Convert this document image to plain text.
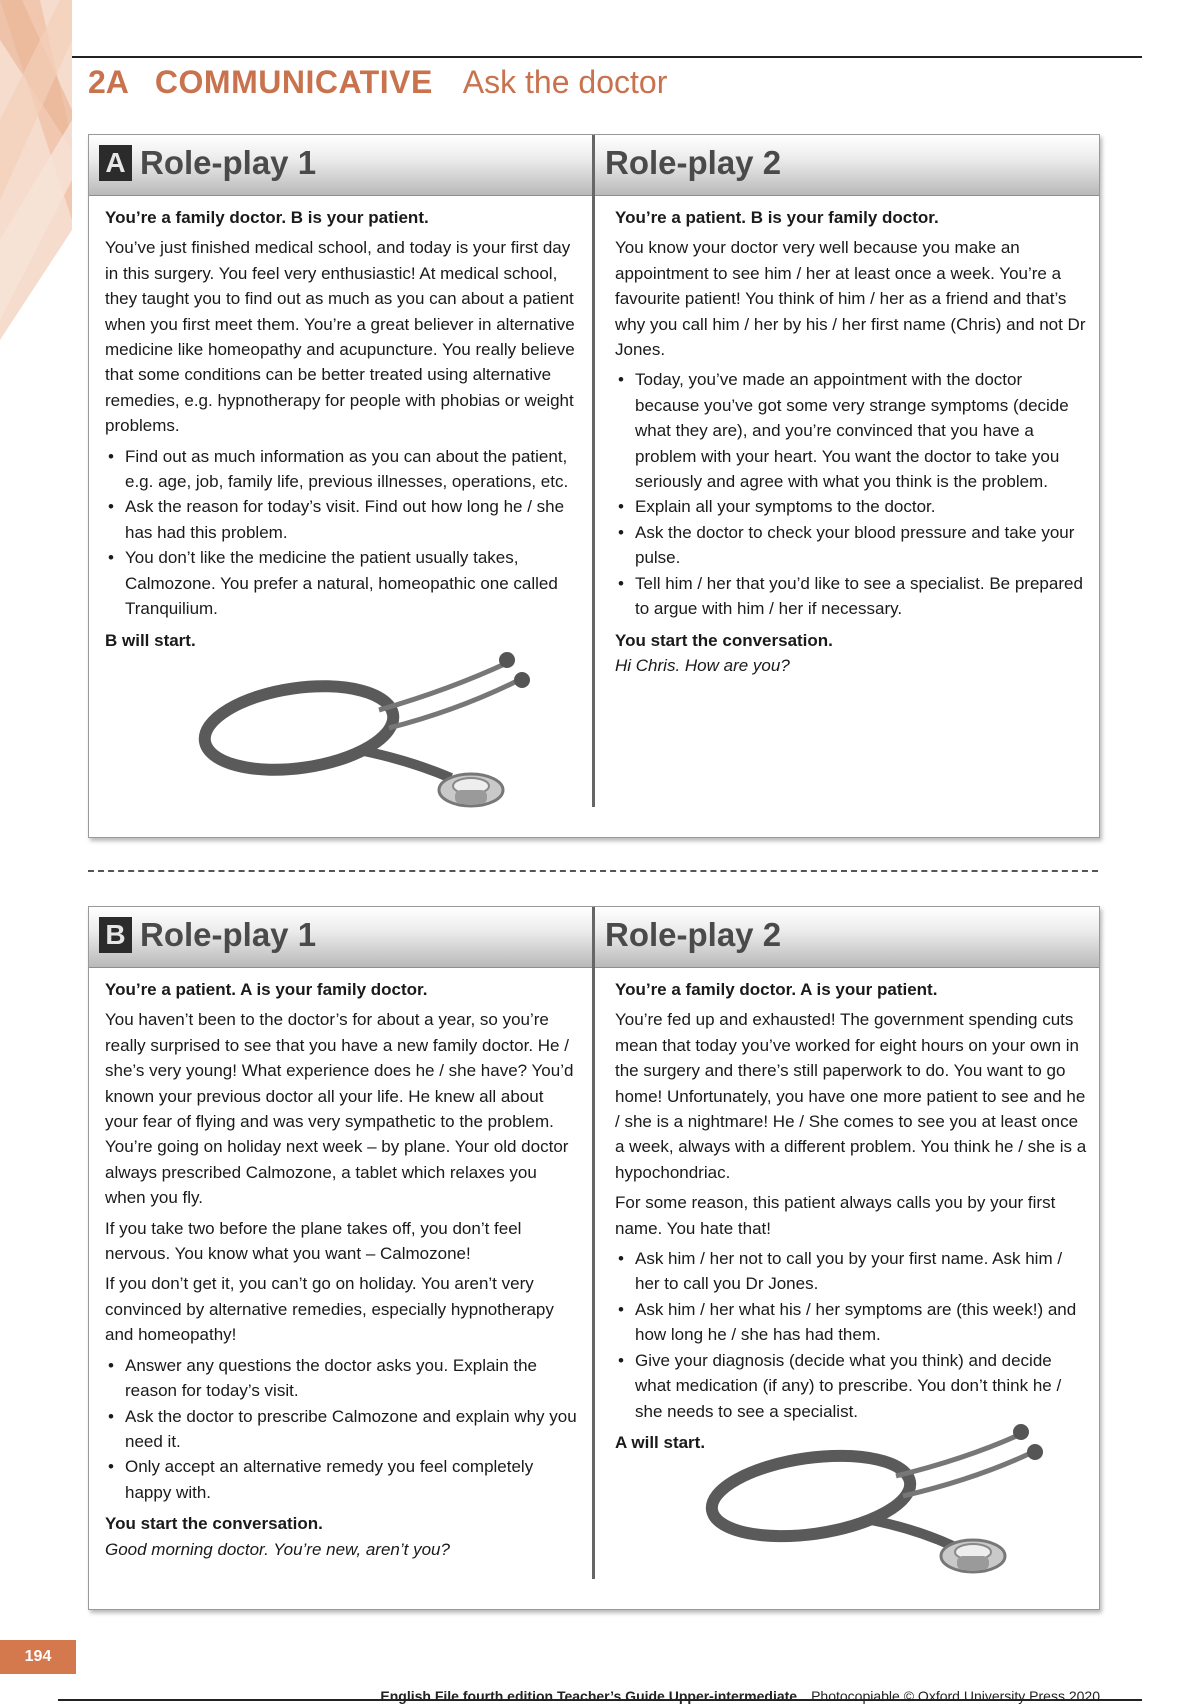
2A COMMUNICATIVE Ask the doctor
A Role-play 1

You’re a family doctor. B is your patient.

You’ve just finished medical school, and today is your first day in this surgery. You feel very enthusiastic! At medical school, they taught you to find out as much as you can about a patient when you first meet them. You’re a great believer in alternative medicine like homeopathy and acupuncture. You really believe that some conditions can be better treated using alternative remedies, e.g. hypnotherapy for people with phobias or weight problems.

• Find out as much information as you can about the patient, e.g. age, job, family life, previous illnesses, operations, etc.
• Ask the reason for today’s visit. Find out how long he / she has had this problem.
• You don’t like the medicine the patient usually takes, Calmozone. You prefer a natural, homeopathic one called Tranquilium.

B will start.

Role-play 2

You’re a patient. B is your family doctor.

You know your doctor very well because you make an appointment to see him / her at least once a week. You’re a favourite patient! You think of him / her as a friend and that’s why you call him / her by his / her first name (Chris) and not Dr Jones.

• Today, you’ve made an appointment with the doctor because you’ve got some very strange symptoms (decide what they are), and you’re convinced that you have a problem with your heart. You want the doctor to take you seriously and agree with what you think is the problem.
• Explain all your symptoms to the doctor.
• Ask the doctor to check your blood pressure and take your pulse.
• Tell him / her that you’d like to see a specialist. Be prepared to argue with him / her if necessary.

You start the conversation.

Hi Chris. How are you?

B Role-play 1

You’re a patient. A is your family doctor.

You haven’t been to the doctor’s for about a year, so you’re really surprised to see that you have a new family doctor. He / she’s very young! What experience does he / she have? You’d known your previous doctor all your life. He knew all about your fear of flying and was very sympathetic to the problem. You’re going on holiday next week – by plane. Your old doctor always prescribed Calmozone, a tablet which relaxes you when you fly.

If you take two before the plane takes off, you don’t feel nervous. You know what you want – Calmozone!

If you don’t get it, you can’t go on holiday. You aren’t very convinced by alternative remedies, especially hypnotherapy and homeopathy!

• Answer any questions the doctor asks you. Explain the reason for today’s visit.
• Ask the doctor to prescribe Calmozone and explain why you need it.
• Only accept an alternative remedy you feel completely happy with.

You start the conversation.

Good morning doctor. You’re new, aren’t you?

Role-play 2

You’re a family doctor. A is your patient.

You’re fed up and exhausted! The government spending cuts mean that today you’ve worked for eight hours on your own in the surgery and there’s still paperwork to do. You want to go home! Unfortunately, you have one more patient to see and he / she is a nightmare! He / She comes to see you at least once a week, always with a different problem. You think he / she is a hypochondriac.

For some reason, this patient always calls you by your first name. You hate that!

• Ask him / her not to call you by your first name. Ask him / her to call you Dr Jones.
• Ask him / her what his / her symptoms are (this week!) and how long he / she has had them.
• Give your diagnosis (decide what you think) and decide what medication (if any) to prescribe. You don’t think he / she needs to see a specialist.

A will start.

194
English File fourth edition Teacher’s Guide Upper-intermediate Photocopiable © Oxford University Press 2020
